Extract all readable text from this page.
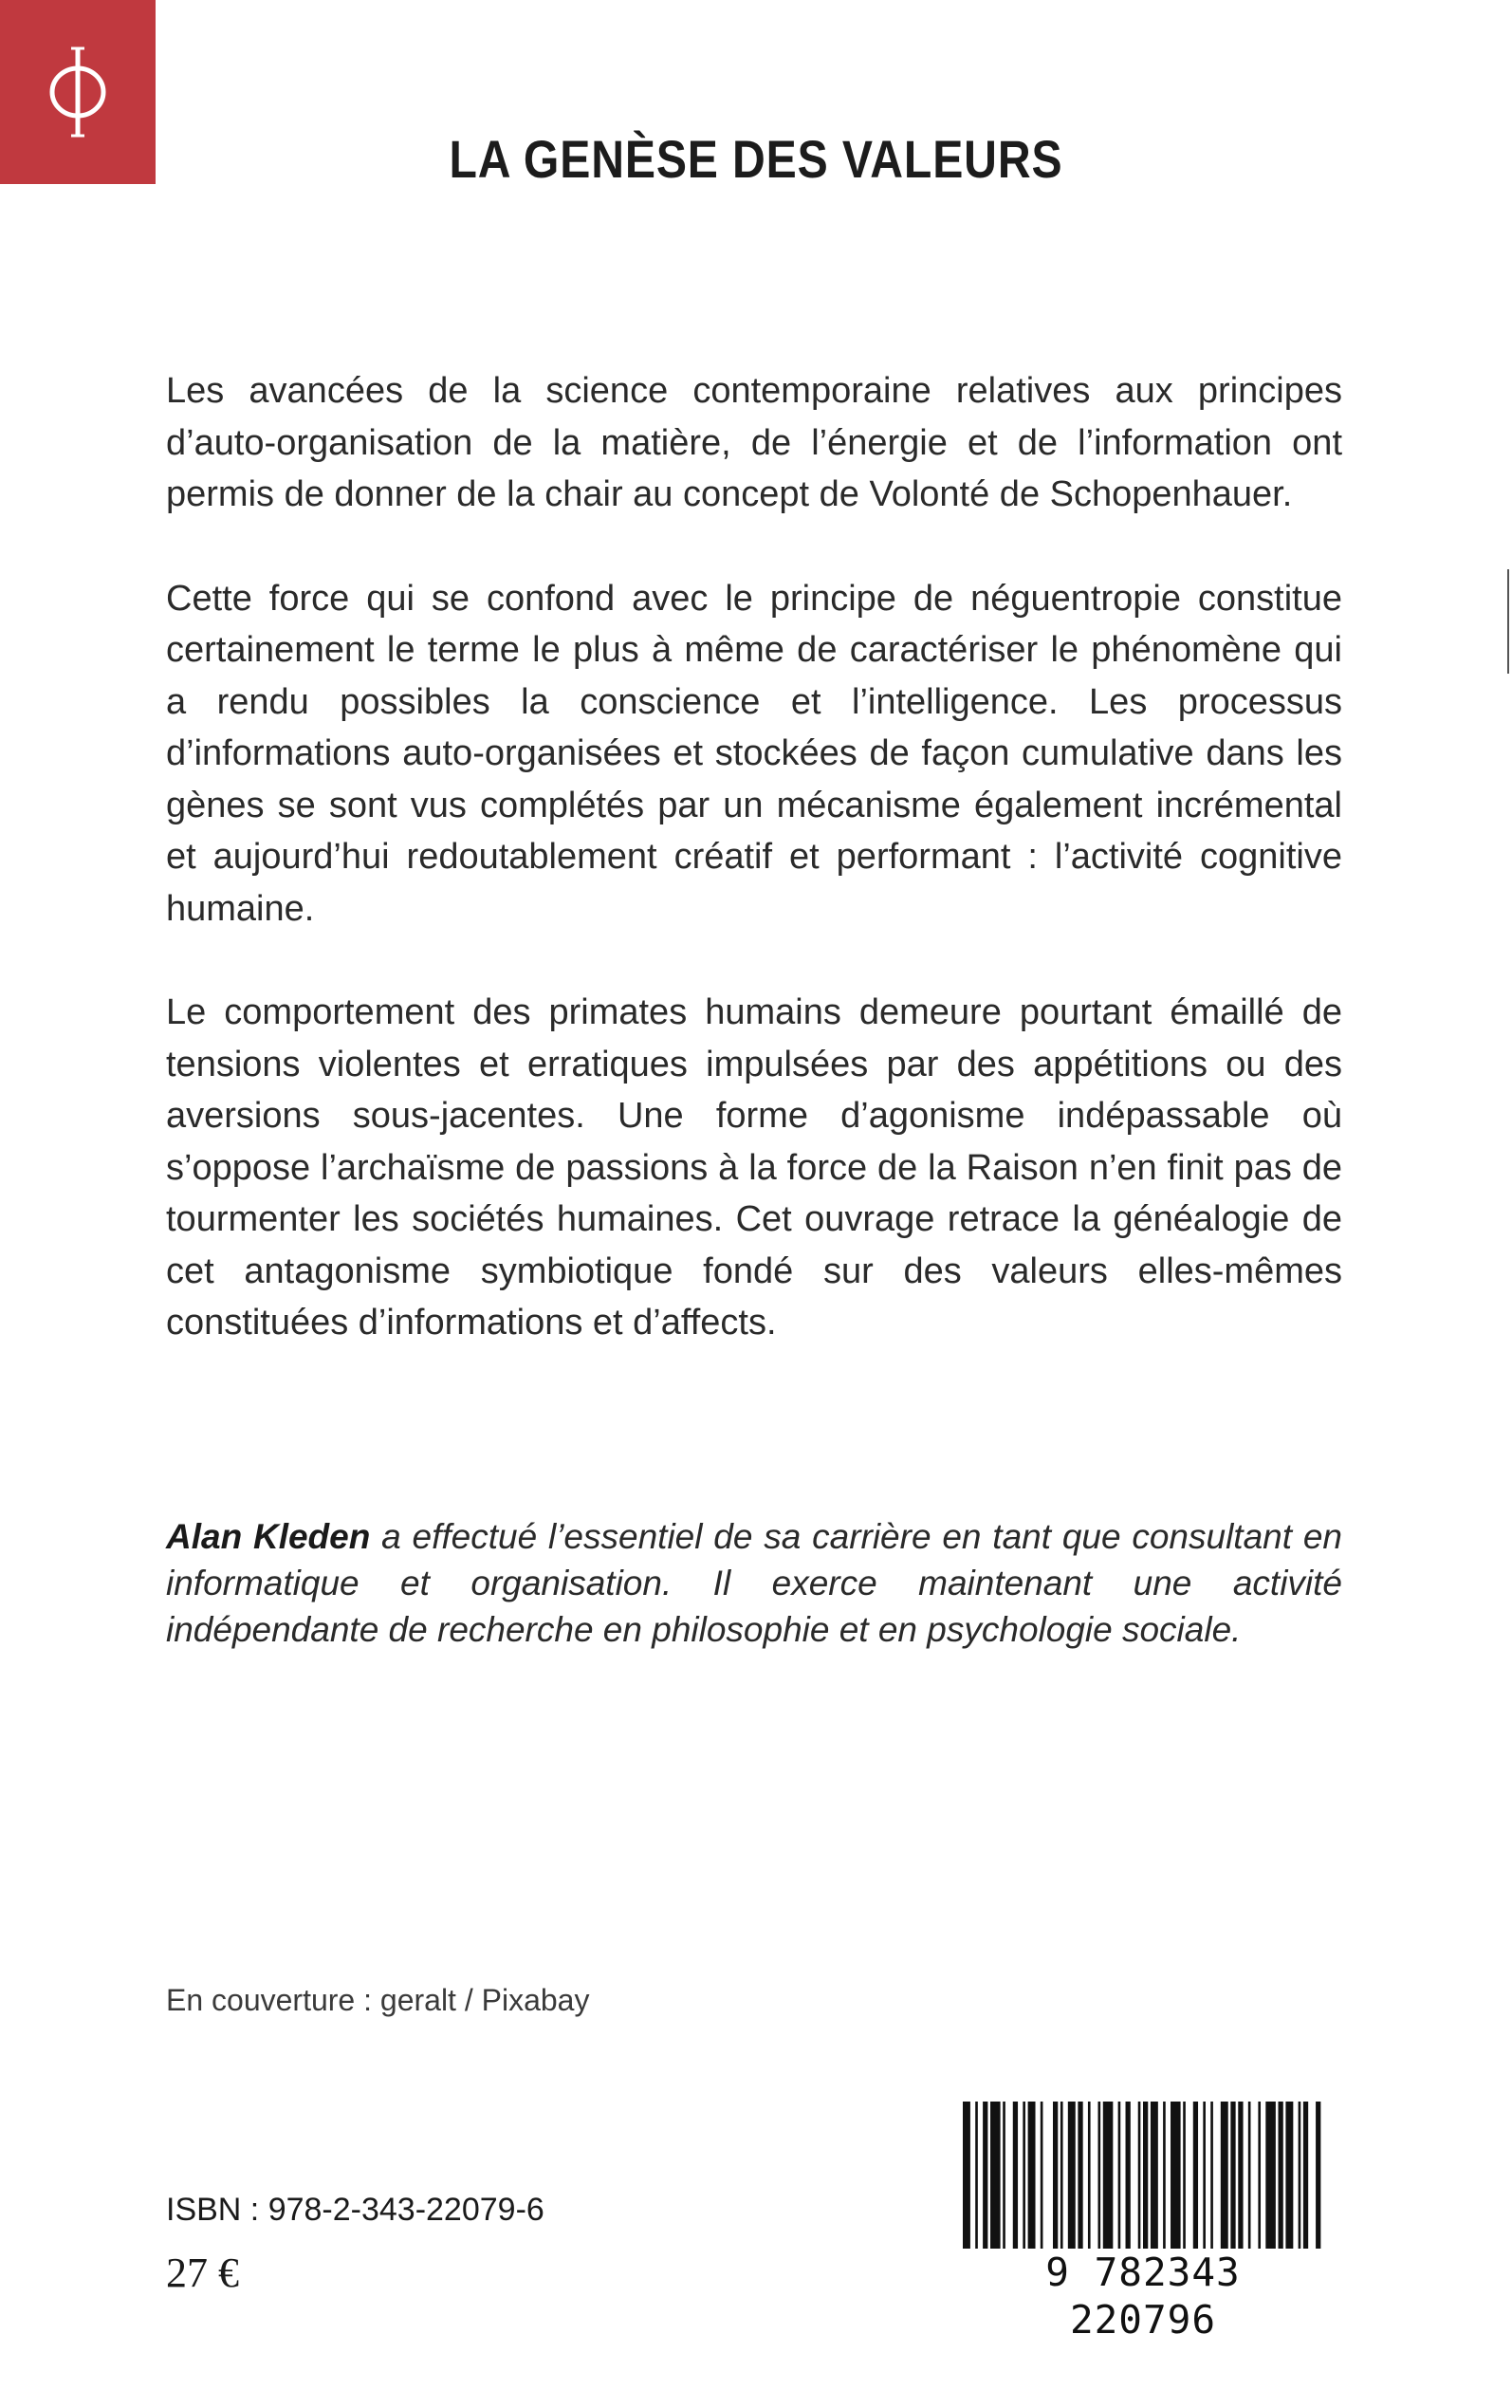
LA GENÈSE DES VALEURS

Les avancées de la science contemporaine relatives aux principes d’auto-organisation de la matière, de l’énergie et de l’information ont permis de donner de la chair au concept de Volonté de Schopenhauer.

Cette force qui se confond avec le principe de néguentropie constitue certainement le terme le plus à même de caractériser le phénomène qui a rendu possibles la conscience et l’intelligence. Les processus d’informations auto-organisées et stockées de façon cumulative dans les gènes se sont vus complétés par un mécanisme également incrémental et aujourd’hui redoutablement créatif et performant : l’activité cognitive humaine.

Le comportement des primates humains demeure pourtant émaillé de tensions violentes et erratiques impulsées par des appétitions ou des aversions sous-jacentes. Une forme d’agonisme indépassable où s’oppose l’archaïsme de passions à la force de la Raison n’en finit pas de tourmenter les sociétés humaines. Cet ouvrage retrace la généalogie de cet antagonisme symbiotique fondé sur des valeurs elles-mêmes constituées d’informations et d’affects.

Alan Kleden a effectué l’essentiel de sa carrière en tant que consultant en informatique et organisation. Il exerce maintenant une activité indépendante de recherche en philosophie et en psychologie sociale.
En couverture : geralt / Pixabay
ISBN : 978-2-343-22079-6
27 €	9 782343 220796
